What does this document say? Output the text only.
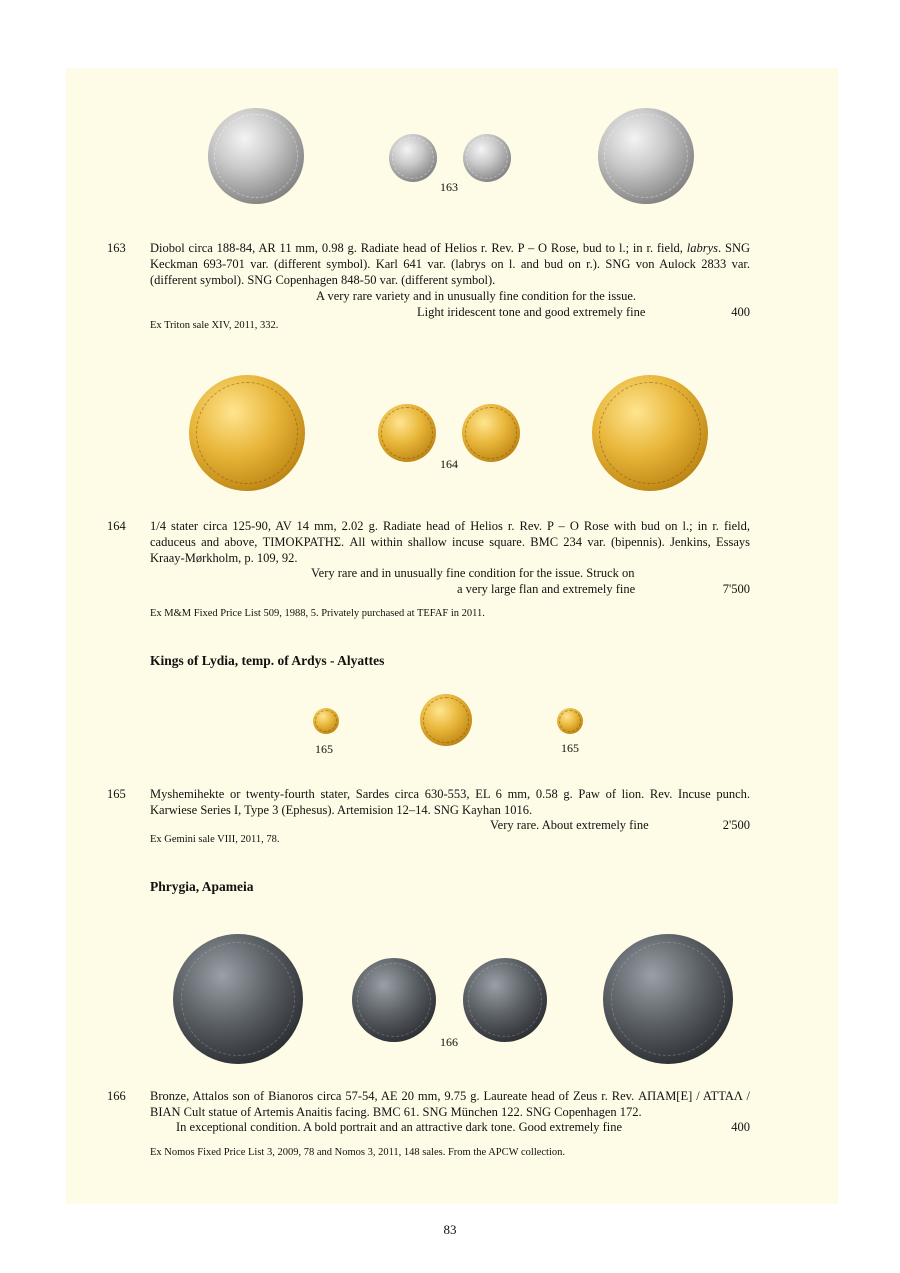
163
163 Diobol circa 188-84, AR 11 mm, 0.98 g. Radiate head of Helios r. Rev. P – O Rose, bud to l.; in r. field, labrys. SNG Keckman 693-701 var. (different symbol). Karl 641 var. (labrys on l. and bud on r.). SNG von Aulock 2833 var. (different symbol). SNG Copenhagen 848-50 var. (different symbol).
A very rare variety and in unusually fine condition for the issue.
Light iridescent tone and good extremely fine	400
Ex Triton sale XIV, 2011, 332.
164
164 1/4 stater circa 125-90, AV 14 mm, 2.02 g. Radiate head of Helios r. Rev. P – O Rose with bud on l.; in r. field, caduceus and above, ΤΙΜΟΚΡΑΤΗΣ. All within shallow incuse square. BMC 234 var. (bipennis). Jenkins, Essays Kraay-Mørkholm, p. 109, 92.
Very rare and in unusually fine condition for the issue. Struck on
a very large flan and extremely fine	7'500
Ex M&M Fixed Price List 509, 1988, 5. Privately purchased at TEFAF in 2011.
Kings of Lydia, temp. of Ardys - Alyattes
165	165
165 Myshemihekte or twenty-fourth stater, Sardes circa 630-553, EL 6 mm, 0.58 g. Paw of lion. Rev. Incuse punch. Karwiese Series I, Type 3 (Ephesus). Artemision 12–14. SNG Kayhan 1016.
Very rare. About extremely fine	2'500
Ex Gemini sale VIII, 2011, 78.
Phrygia, Apameia
166
166 Bronze, Attalos son of Bianoros circa 57-54, AE 20 mm, 9.75 g. Laureate head of Zeus r. Rev. ΑΠΑΜ[Ε] / ΑΤΤΑΛ / ΒΙΑΝ Cult statue of Artemis Anaitis facing. BMC 61. SNG München 122. SNG Copenhagen 172.
In exceptional condition. A bold portrait and an attractive dark tone. Good extremely fine	400
Ex Nomos Fixed Price List 3, 2009, 78 and Nomos 3, 2011, 148 sales. From the APCW collection.
83
